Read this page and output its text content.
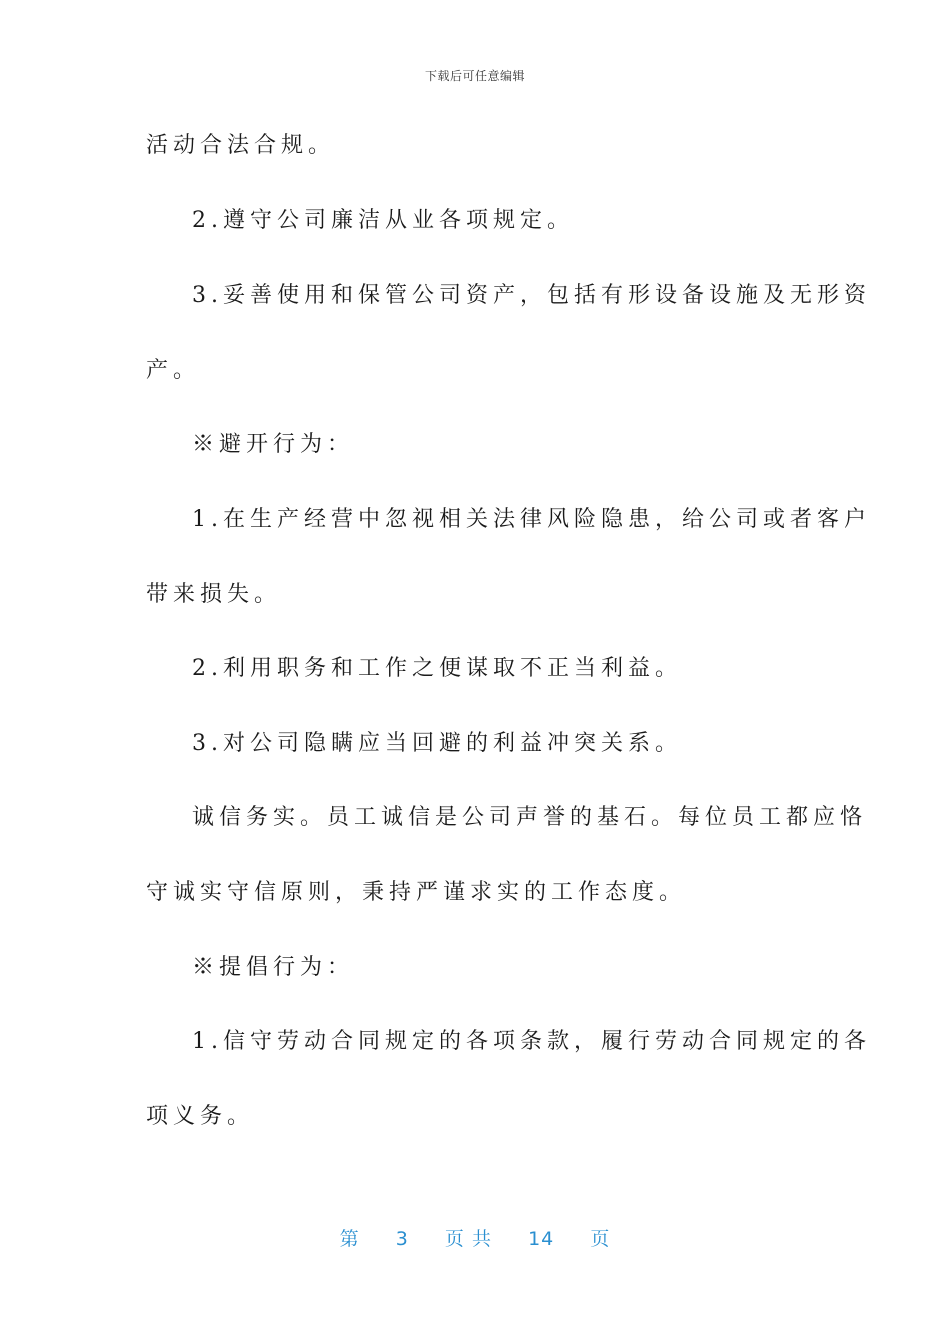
下载后可任意编辑
活动合法合规。
2.遵守公司廉洁从业各项规定。
3.妥善使用和保管公司资产，包括有形设备设施及无形资
产。
※避开行为：
1.在生产经营中忽视相关法律风险隐患，给公司或者客户
带来损失。
2.利用职务和工作之便谋取不正当利益。
3.对公司隐瞒应当回避的利益冲突关系。
诚信务实。员工诚信是公司声誉的基石。每位员工都应恪
守诚实守信原则，秉持严谨求实的工作态度。
※提倡行为：
1.信守劳动合同规定的各项条款，履行劳动合同规定的各
项义务。
第 3 页 共 14 页
